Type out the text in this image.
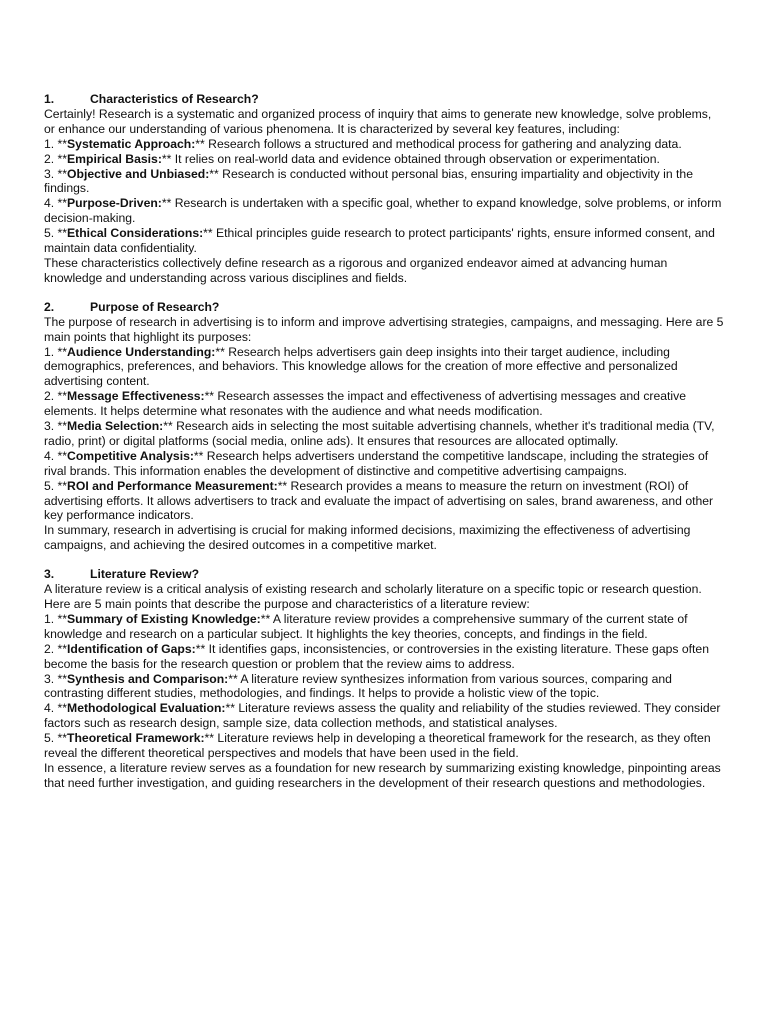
1.	Characteristics of Research?

Certainly! Research is a systematic and organized process of inquiry that aims to generate new knowledge, solve problems, or enhance our understanding of various phenomena. It is characterized by several key features, including:

1. **Systematic Approach:** Research follows a structured and methodical process for gathering and analyzing data.

2. **Empirical Basis:** It relies on real-world data and evidence obtained through observation or experimentation.

3. **Objective and Unbiased:** Research is conducted without personal bias, ensuring impartiality and objectivity in the findings.

4. **Purpose-Driven:** Research is undertaken with a specific goal, whether to expand knowledge, solve problems, or inform decision-making.

5. **Ethical Considerations:** Ethical principles guide research to protect participants' rights, ensure informed consent, and maintain data confidentiality.

These characteristics collectively define research as a rigorous and organized endeavor aimed at advancing human knowledge and understanding across various disciplines and fields.

2.	Purpose of Research?

The purpose of research in advertising is to inform and improve advertising strategies, campaigns, and messaging. Here are 5 main points that highlight its purposes:

1. **Audience Understanding:** Research helps advertisers gain deep insights into their target audience, including demographics, preferences, and behaviors. This knowledge allows for the creation of more effective and personalized advertising content.

2. **Message Effectiveness:** Research assesses the impact and effectiveness of advertising messages and creative elements. It helps determine what resonates with the audience and what needs modification.

3. **Media Selection:** Research aids in selecting the most suitable advertising channels, whether it's traditional media (TV, radio, print) or digital platforms (social media, online ads). It ensures that resources are allocated optimally.

4. **Competitive Analysis:** Research helps advertisers understand the competitive landscape, including the strategies of rival brands. This information enables the development of distinctive and competitive advertising campaigns.

5. **ROI and Performance Measurement:** Research provides a means to measure the return on investment (ROI) of advertising efforts. It allows advertisers to track and evaluate the impact of advertising on sales, brand awareness, and other key performance indicators.

In summary, research in advertising is crucial for making informed decisions, maximizing the effectiveness of advertising campaigns, and achieving the desired outcomes in a competitive market.

3.	Literature Review?

A literature review is a critical analysis of existing research and scholarly literature on a specific topic or research question. Here are 5 main points that describe the purpose and characteristics of a literature review:

1. **Summary of Existing Knowledge:** A literature review provides a comprehensive summary of the current state of knowledge and research on a particular subject. It highlights the key theories, concepts, and findings in the field.

2. **Identification of Gaps:** It identifies gaps, inconsistencies, or controversies in the existing literature. These gaps often become the basis for the research question or problem that the review aims to address.

3. **Synthesis and Comparison:** A literature review synthesizes information from various sources, comparing and contrasting different studies, methodologies, and findings. It helps to provide a holistic view of the topic.

4. **Methodological Evaluation:** Literature reviews assess the quality and reliability of the studies reviewed. They consider factors such as research design, sample size, data collection methods, and statistical analyses.

5. **Theoretical Framework:** Literature reviews help in developing a theoretical framework for the research, as they often reveal the different theoretical perspectives and models that have been used in the field.

In essence, a literature review serves as a foundation for new research by summarizing existing knowledge, pinpointing areas that need further investigation, and guiding researchers in the development of their research questions and methodologies.
